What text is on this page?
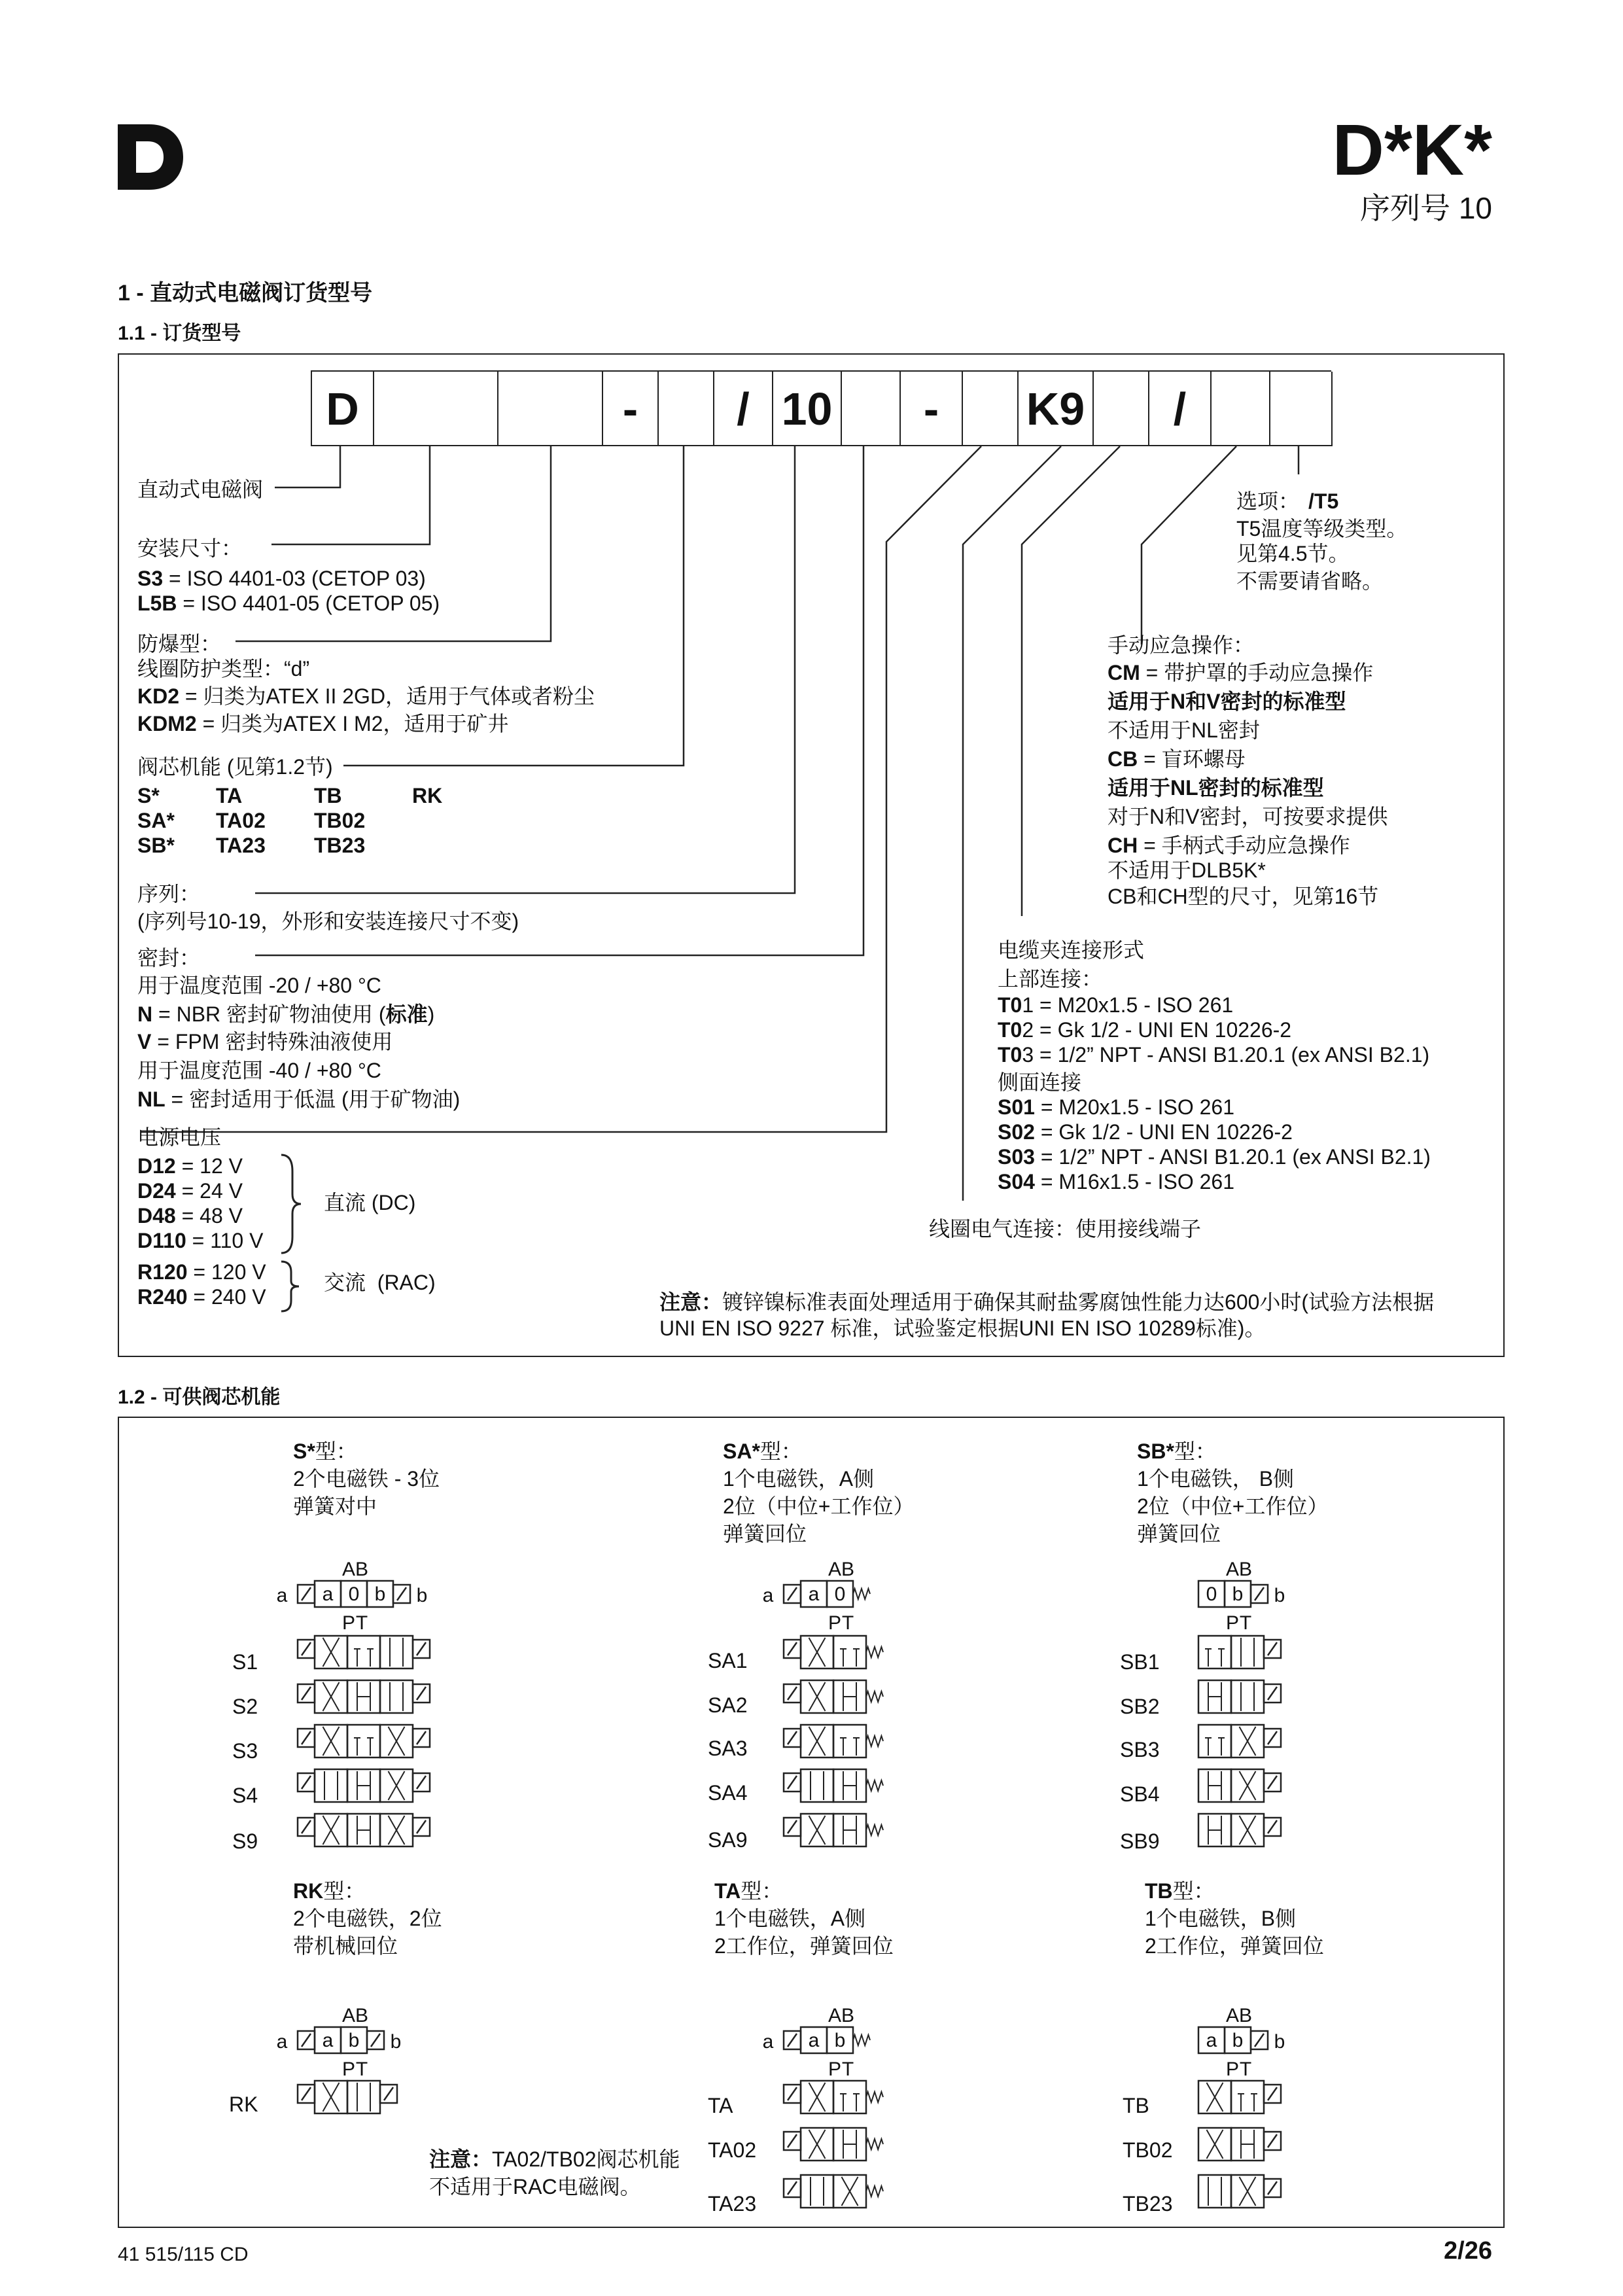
D*K*
序列号 10
1 - 直动式电磁阀订货型号
1.1 - 订货型号
D	-	/ 10	-	K9	/
直动式电磁阀
安装尺寸：
S3 = ISO 4401-03 (CETOP 03)
L5B = ISO 4401-05 (CETOP 05)
防爆型：
线圈防护类型：“d”
KD2 = 归类为ATEX II 2GD，适用于气体或者粉尘
KDM2 = 归类为ATEX I M2，适用于矿井
阀芯机能 (见第1.2节)
S*	TA	TB	RK
SA* TA02 TB02
SB* TA23 TB23
序列：
(序列号10-19，外形和安装连接尺寸不变)
密封：
用于温度范围 -20 / +80 °C
N = NBR 密封矿物油使用 (标准)
V = FPM 密封特殊油液使用
用于温度范围 -40 / +80 °C
NL = 密封适用于低温 (用于矿物油)
电源电压
D12 = 12 V
D24 = 24 V
D48 = 48 V
D110 = 110 V
直流 (DC)
R120 = 120 V
R240 = 240 V
交流  (RAC)
选项： /T5
T5温度等级类型。
见第4.5节。
不需要请省略。
手动应急操作：
CM = 带护罩的手动应急操作
适用于N和V密封的标准型
不适用于NL密封
CB = 盲环螺母
适用于NL密封的标准型
对于N和V密封，可按要求提供
CH = 手柄式手动应急操作
不适用于DLB5K*
CB和CH型的尺寸，见第16节
电缆夹连接形式
上部连接：
T01 = M20x1.5 - ISO 261
T02 = Gk 1/2 - UNI EN 10226-2
T03 = 1/2” NPT - ANSI B1.20.1 (ex ANSI B2.1)
侧面连接
S01 = M20x1.5 - ISO 261
S02 = Gk 1/2 - UNI EN 10226-2
S03 = 1/2” NPT - ANSI B1.20.1 (ex ANSI B2.1)
S04 = M16x1.5 - ISO 261
线圈电气连接：使用接线端子
注意：镀锌镍标准表面处理适用于确保其耐盐雾腐蚀性能力达600小时(试验方法根据
UNI EN ISO 9227 标准，试验鉴定根据UNI EN ISO 10289标准)。
1.2 - 可供阀芯机能
S*型：
2个电磁铁 - 3位
弹簧对中
SA*型：
1个电磁铁，A侧
2位（中位+工作位）
弹簧回位
SB*型：
1个电磁铁， B侧
2位（中位+工作位）
弹簧回位
RK型：
2个电磁铁，2位
带机械回位
TA型：
1个电磁铁，A侧
2工作位，弹簧回位
TB型：
1个电磁铁，B侧
2工作位，弹簧回位
S1
S2
S3
S4
S9
SA1
SA2
SA3
SA4
SA9
SB1
SB2
SB3
SB4
SB9
RK	TA
TA02
TA23
TB
TB02
TB23
注意：TA02/TB02阀芯机能
不适用于RAC电磁阀。
A B
a a 0 b b
P T
A B
a a 0
P T
A B
0 b b
P T
A B
a a b b
P T
A B
a a b
P T
A B
a b b
P T
41 515/115 CD	2/26
